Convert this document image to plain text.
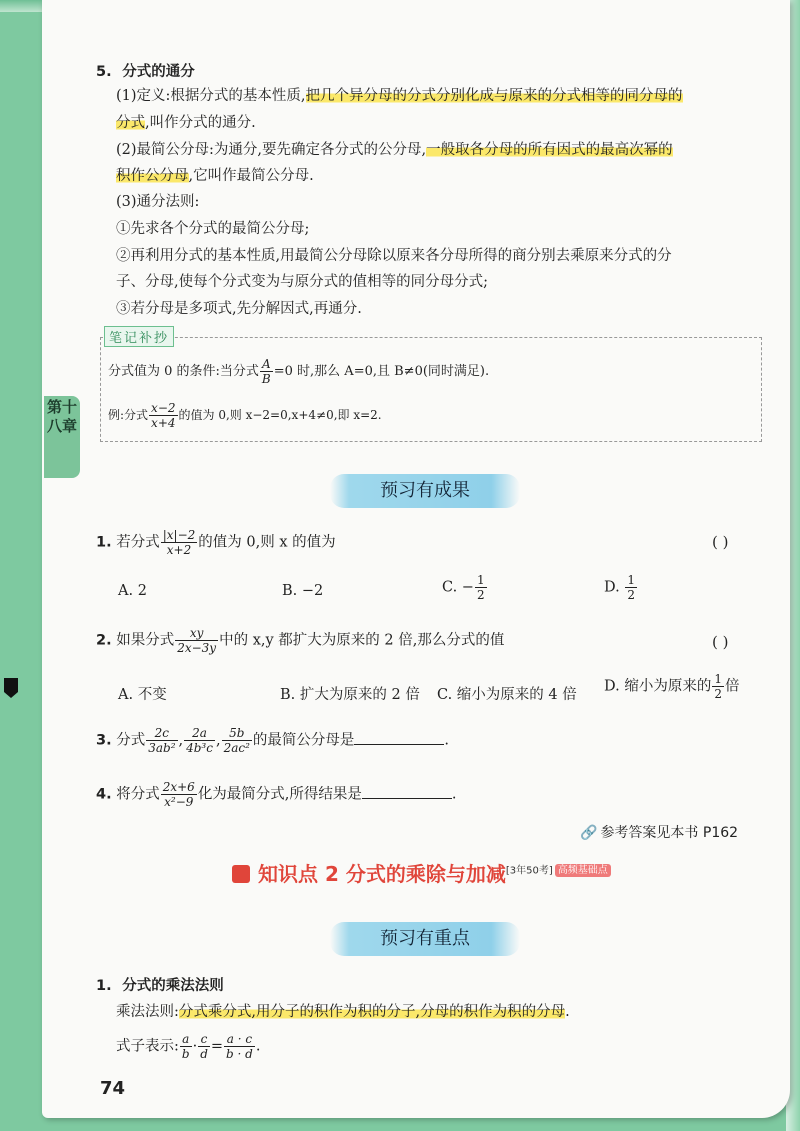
第十八章
5. 分式的通分
(1)定义:根据分式的基本性质,把几个异分母的分式分别化成与原来的分式相等的同分母的
分式,叫作分式的通分.
(2)最简公分母:为通分,要先确定各分式的公分母,一般取各分母的所有因式的最高次幂的
积作公分母,它叫作最简公分母.
(3)通分法则:
①先求各个分式的最简公分母;
②再利用分式的基本性质,用最简公分母除以原来各分母所得的商分别去乘原来分式的分
子、分母,使每个分式变为与原分式的值相等的同分母分式;
③若分母是多项式,先分解因式,再通分.
笔记补抄
分式值为 0 的条件:当分式 $\frac{A}{B} =0$ 时,那么 A=0,且 B≠0(同时满足).
例:分式 $\frac{x-2}{x+4}$ 的值为 0,则 x−2=0,x+4≠0,即 x=2.
预习有成果
1. 若分式 $\frac{|x|-2}{x+2}$ 的值为 0,则 x 的值为	( )
A. 2	B. −2	C. − $\frac{1}{2}$	D. $\frac{1}{2}$
2. 如果分式 $\frac{xy}{2x-3y}$ 中的 x,y 都扩大为原来的 2 倍,那么分式的值	( )
A. 不变	B. 扩大为原来的 2 倍 C. 缩小为原来的 4 倍
D. 缩小为原来的 $\frac{1}{2}$ 倍
3. 分式 $\frac{2c}{\text{3ab²}}$ , $\frac{2a}{\text{4b³c}}$ , $\frac{5b}{\text{2ac²}}$ 的最简公分母是	.
4. 将分式 $\frac{2x+6}{\text{x²−9}}$ 化为最简分式,所得结果是	.
🔗 参考答案见本书 P162
知识点 2 分式的乘除与加减[3年50考] $^{高频基础点}$
预习有重点
1. 分式的乘法法则
乘法法则:分式乘分式,用分子的积作为积的分子,分母的积作为积的分母.
式子表示: $\frac{a}{b} \cdot \frac{c}{d} = \frac{a \cdot c}{b \cdot d}$ .
74
